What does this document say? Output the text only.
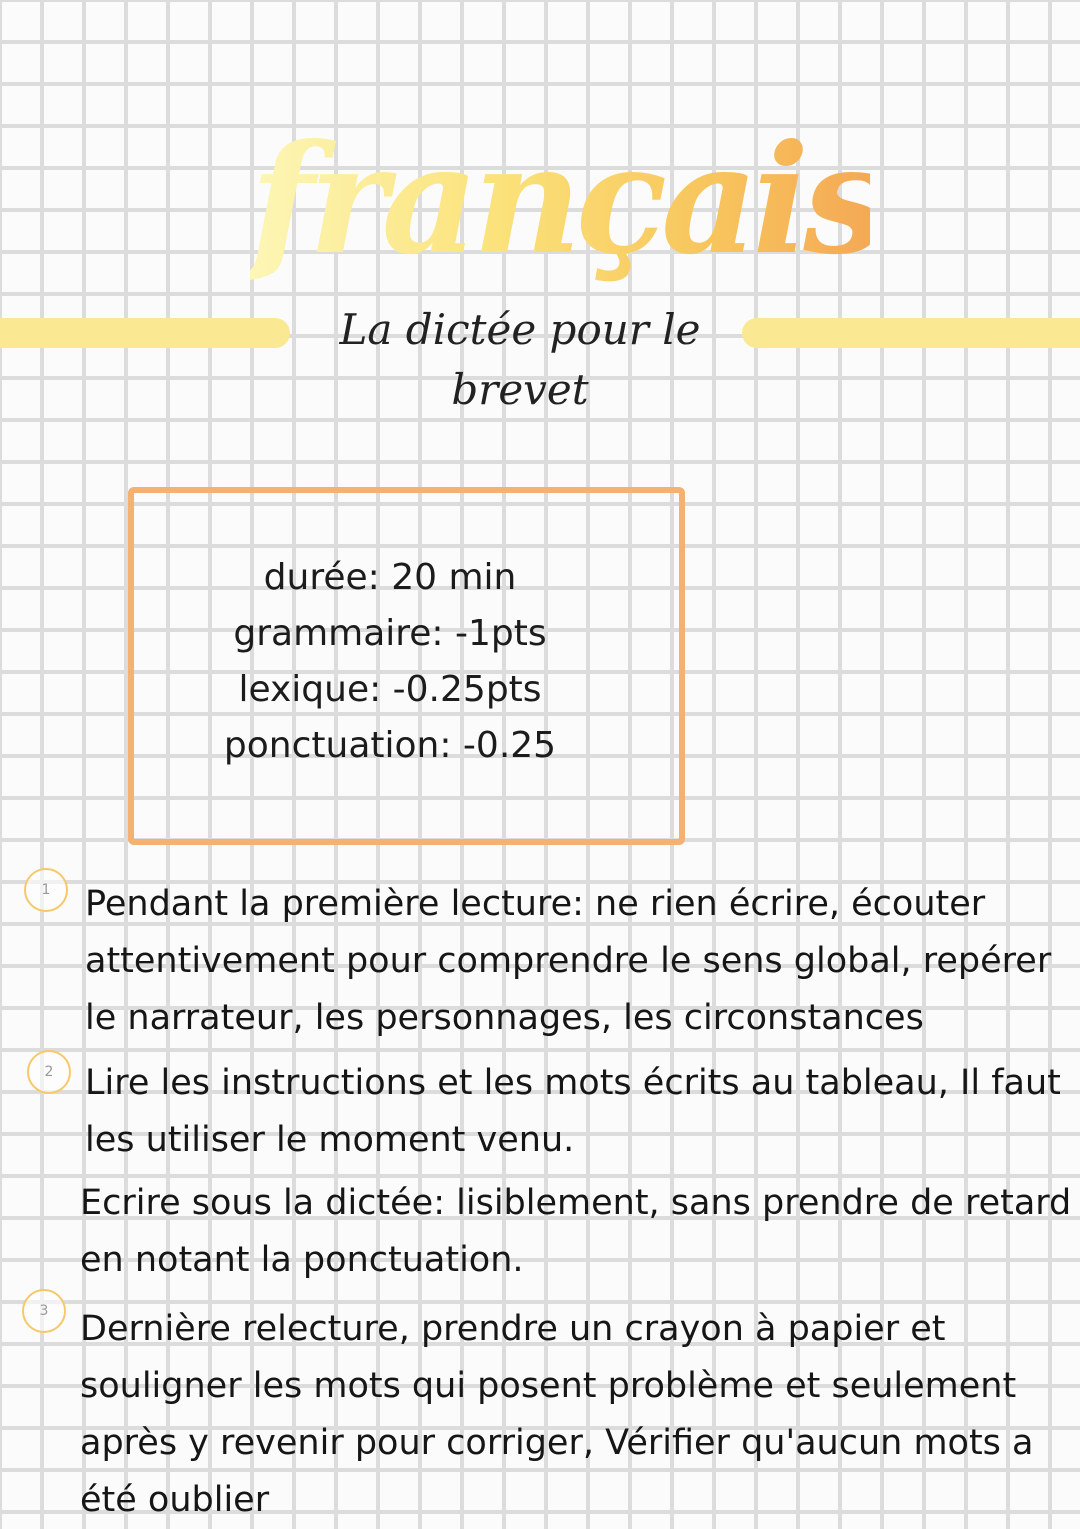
français
La dictée pour le brevet
durée: 20 min
grammaire: -1pts
lexique: -0.25pts
ponctuation: -0.25
1
2
3
Pendant la première lecture: ne rien écrire, écouter
attentivement pour comprendre le sens global, repérer
le narrateur, les personnages, les circonstances
Lire les instructions et les mots écrits au tableau, Il faut
les utiliser le moment venu.
Ecrire sous la dictée: lisiblement, sans prendre de retard
en notant la ponctuation.
Dernière relecture, prendre un crayon à papier et
souligner les mots qui posent problème et seulement
après y revenir pour corriger, Vérifier qu'aucun mots a
été oublier
